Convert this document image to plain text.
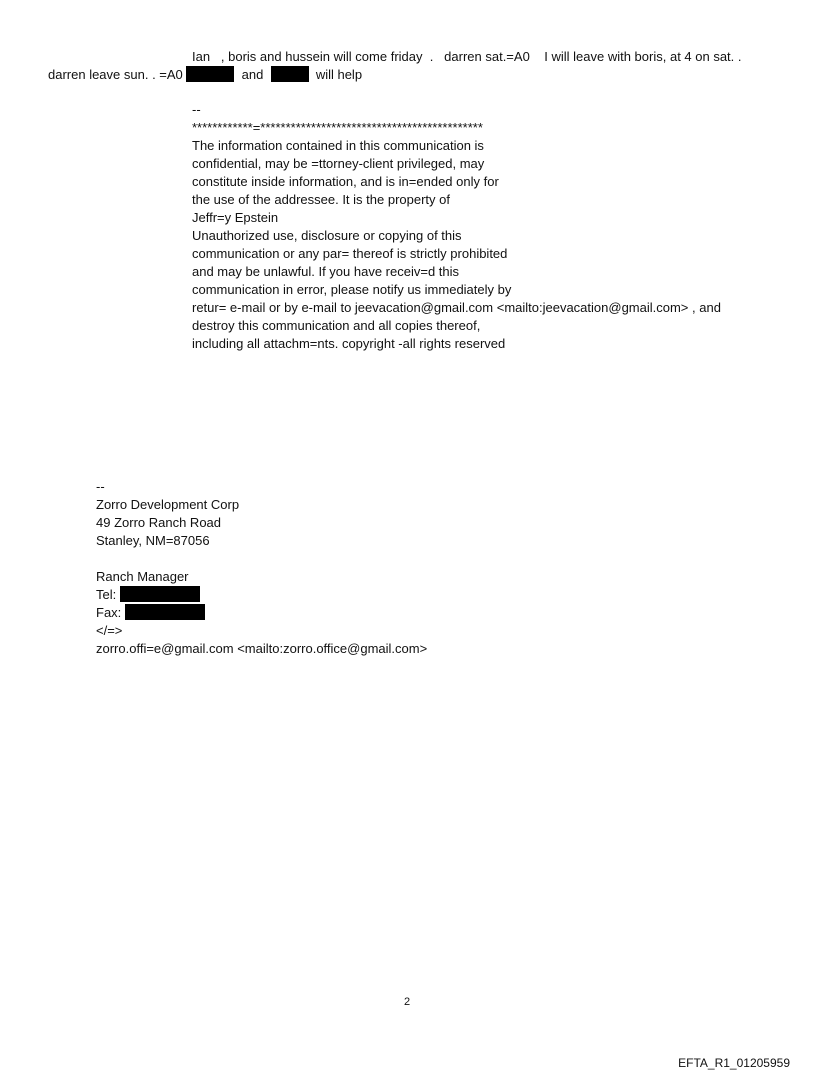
Ian   , boris and hussein will come friday  .   darren sat.=A0    I will leave with boris, at 4 on sat. .
darren leave sun. . =A0	and	will help
--
************=********************************************
The information contained in this communication is
confidential, may be =ttorney-client privileged, may
constitute inside information, and is in=ended only for
the use of the addressee. It is the property of
Jeffr=y Epstein
Unauthorized use, disclosure or copying of this
communication or any par= thereof is strictly prohibited
and may be unlawful. If you have receiv=d this
communication in error, please notify us immediately by
retur= e-mail or by e-mail to jeevacation@gmail.com <mailto:jeevacation@gmail.com> , and
destroy this communication and all copies thereof,
including all attachm=nts. copyright -all rights reserved
--
Zorro Development Corp
49 Zorro Ranch Road
Stanley, NM=87056
Ranch Manager
Tel:
Fax:
</=>
zorro.offi=e@gmail.com <mailto:zorro.office@gmail.com>
2
EFTA_R1_01205959
